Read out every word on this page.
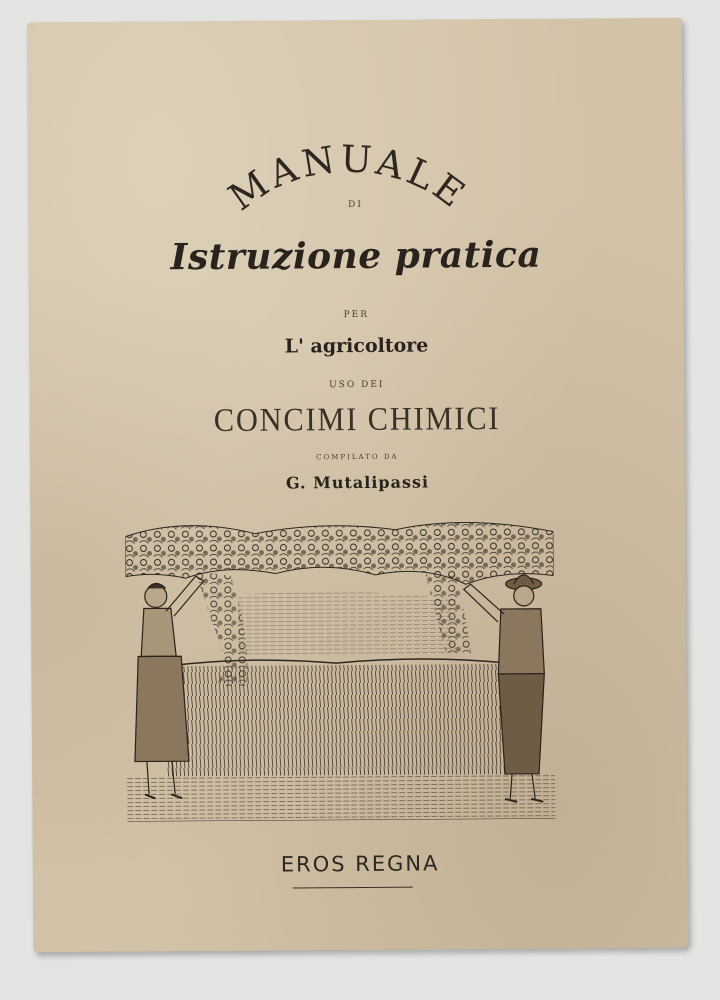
MANUALE
DI
Istruzione pratica
PER
L' agricoltore
USO DEI
CONCIMI CHIMICI
COMPILATO DA
G. Mutalipassi
EROS REGNA
